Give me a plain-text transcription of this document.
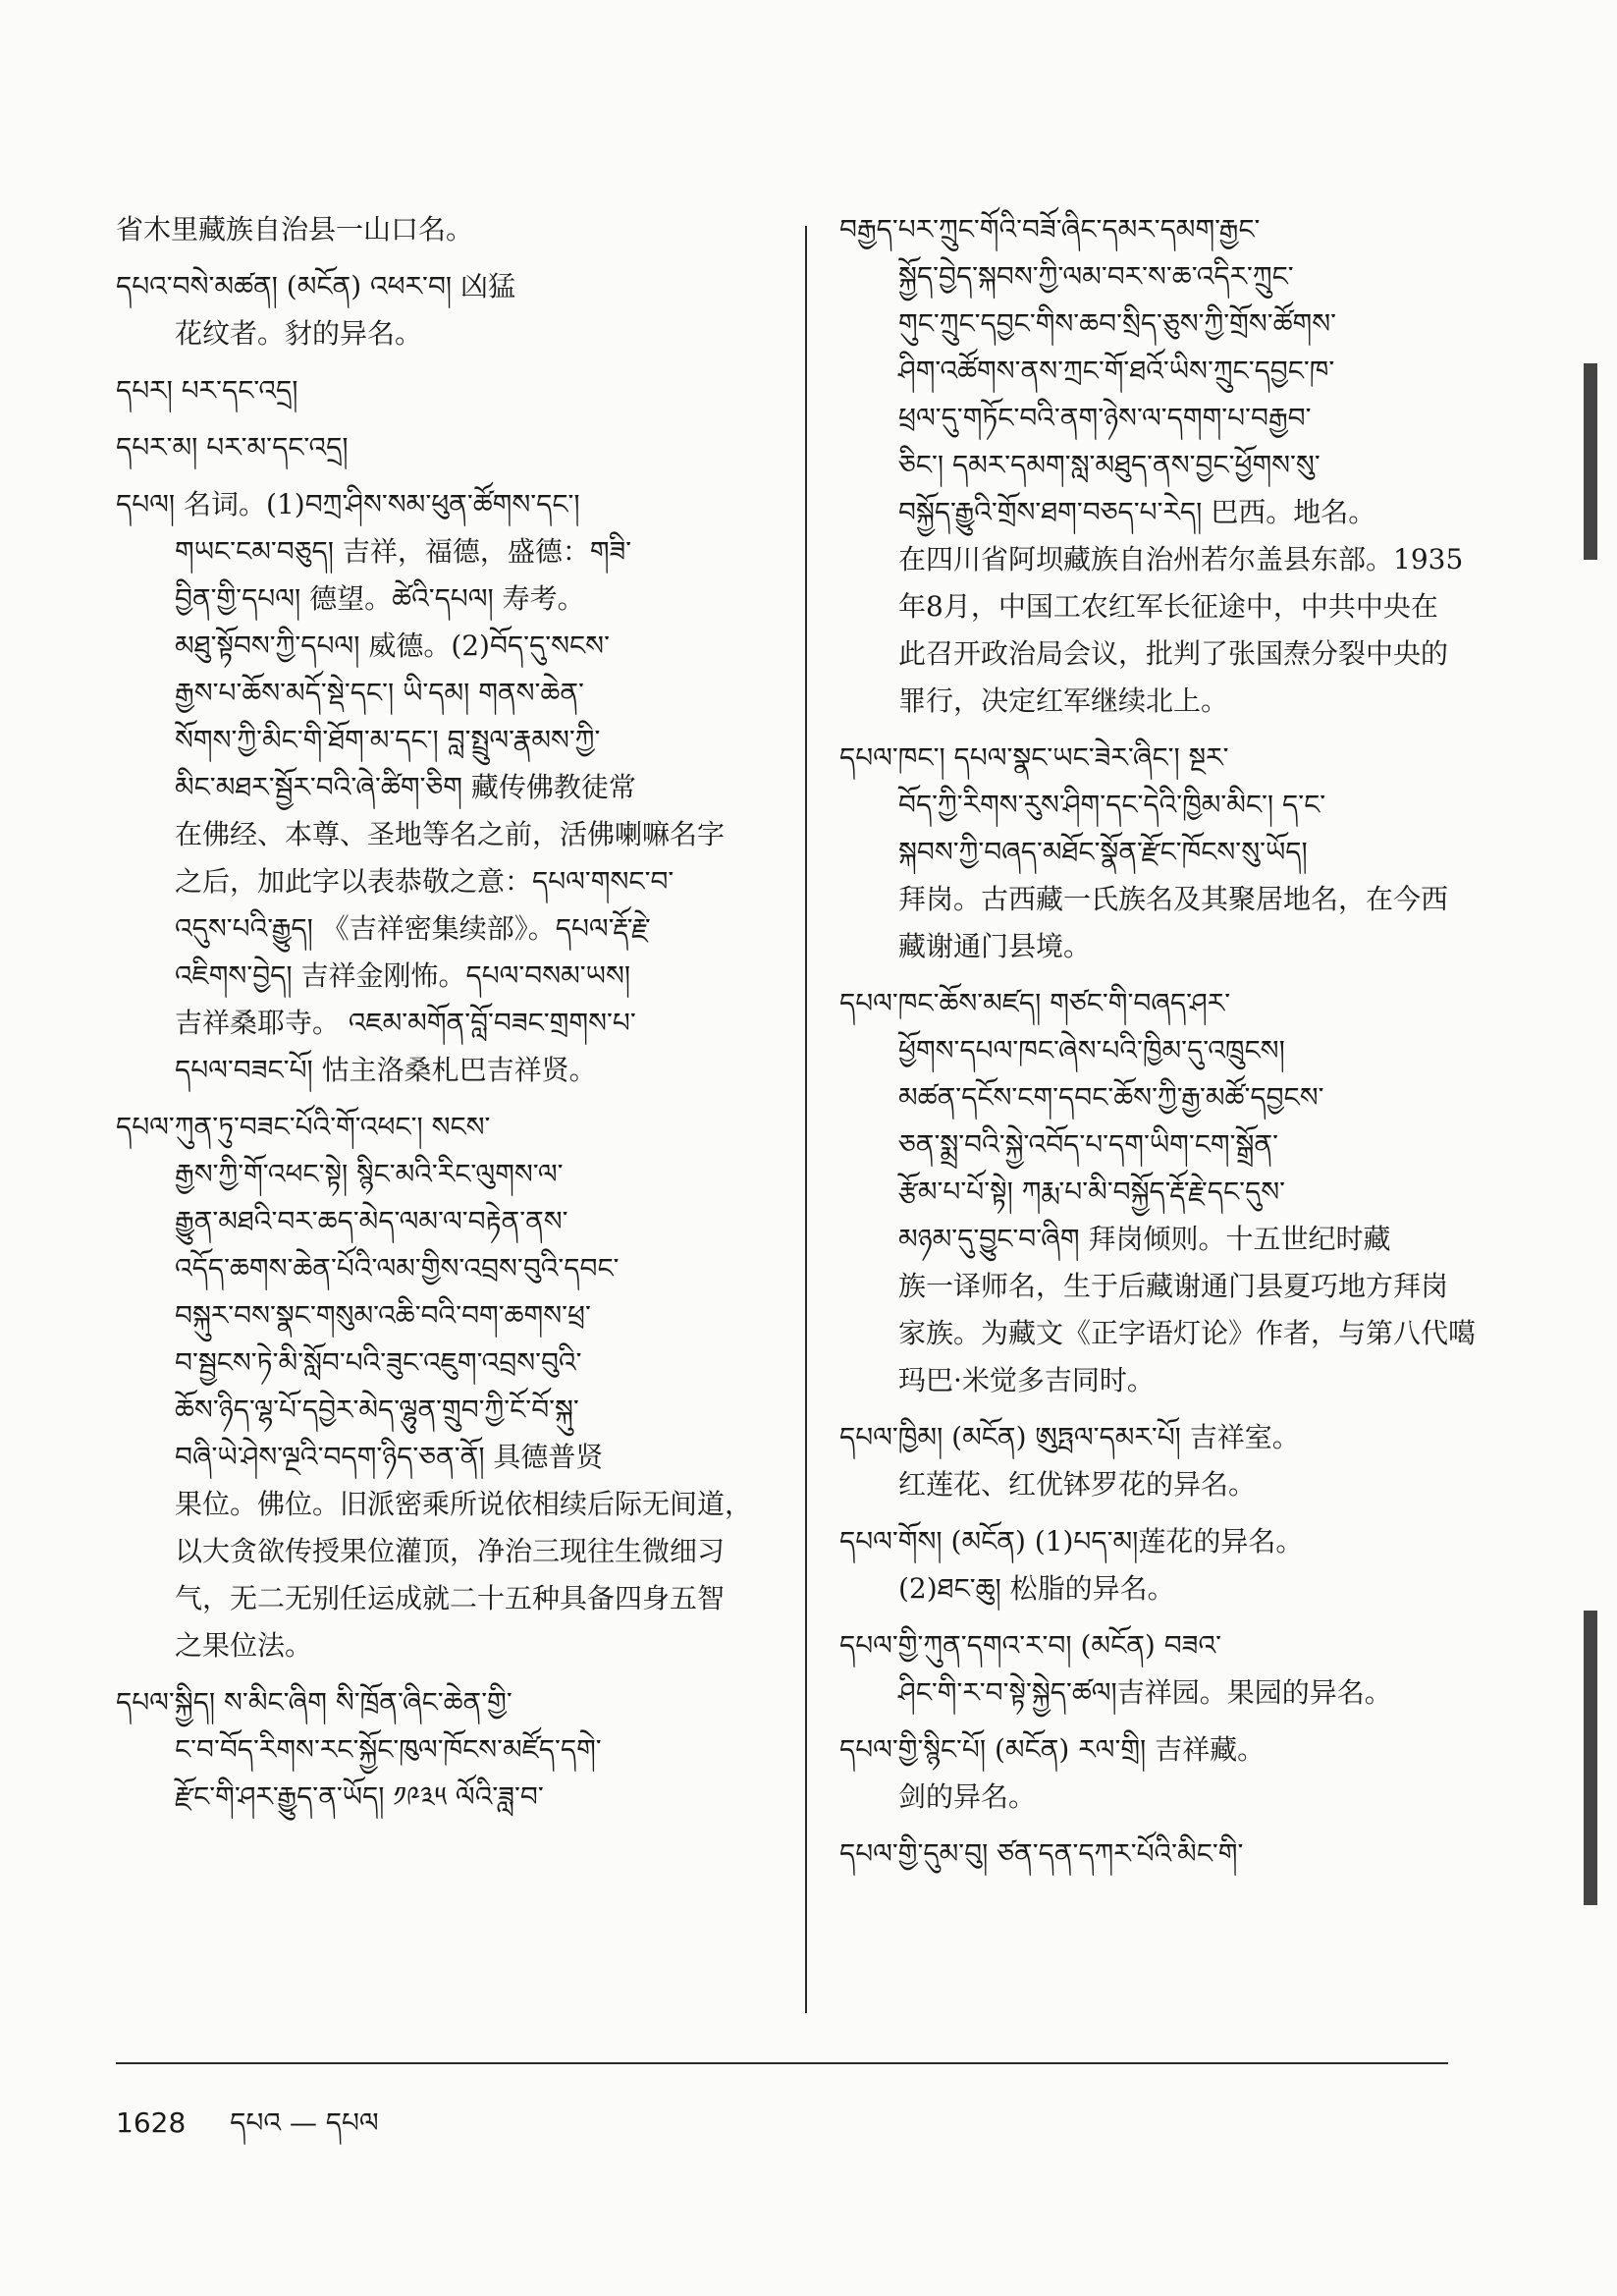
省木里藏族自治县一山口名。
དཔའ་བསེ་མཚན། (མངོན) འཕར་བ། 凶猛
花纹者。豺的异名。
དཔར། པར་དང་འདྲ།
དཔར་མ། པར་མ་དང་འདྲ།
དཔལ། 名词。(1)བཀྲ་ཤིས་སམ་ཕུན་ཚོགས་དང་།
གཡང་ངམ་བཅུད། 吉祥，福德，盛德：གཟི་
བྱིན་གྱི་དཔལ། 德望。ཚེའི་དཔལ། 寿考。
མཐུ་སྟོབས་ཀྱི་དཔལ། 威德。(2)བོད་དུ་སངས་
རྒྱས་པ་ཆོས་མདོ་སྡེ་དང་། ཡི་དམ། གནས་ཆེན་
སོགས་ཀྱི་མིང་གི་ཐོག་མ་དང་། བླ་སྤྲུལ་རྣམས་ཀྱི་
མིང་མཐར་སྦྱོར་བའི་ཞེ་ཚིག་ཅིག 藏传佛教徒常
在佛经、本尊、圣地等名之前，活佛喇嘛名字
之后，加此字以表恭敬之意：དཔལ་གསང་བ་
འདུས་པའི་རྒྱུད། 《吉祥密集续部》。དཔལ་རྡོ་རྗེ་
འཇིགས་བྱེད། 吉祥金刚怖。དཔལ་བསམ་ཡས།
吉祥桑耶寺。 འཇམ་མགོན་བློ་བཟང་གྲགས་པ་
དཔལ་བཟང་པོ། 怙主洛桑札巴吉祥贤。
དཔལ་ཀུན་ཏུ་བཟང་པོའི་གོ་འཕང་། སངས་
རྒྱས་ཀྱི་གོ་འཕང་སྟེ། སྙིང་མའི་རིང་ལུགས་ལ་
རྒྱུན་མཐའི་བར་ཆད་མེད་ལམ་ལ་བརྟེན་ནས་
འདོད་ཆགས་ཆེན་པོའི་ལམ་གྱིས་འབྲས་བུའི་དབང་
བསྐུར་བས་སྣང་གསུམ་འཆི་བའི་བག་ཆགས་ཕྲ་
བ་སྦྱངས་ཏེ་མི་སློབ་པའི་ཟུང་འཇུག་འབྲས་བུའི་
ཆོས་ཉིད་ལྷ་པོ་དབྱེར་མེད་ལྷུན་གྲུབ་ཀྱི་ངོ་བོ་སྐུ་
བཞི་ཡེ་ཤེས་ལྔའི་བདག་ཉིད་ཅན་ནོ། 具德普贤
果位。佛位。旧派密乘所说依相续后际无间道，
以大贪欲传授果位灌顶，净治三现往生微细习
气，无二无别任运成就二十五种具备四身五智
之果位法。
དཔལ་སྐྱིད། ས་མིང་ཞིག སི་ཁྲོན་ཞིང་ཆེན་གྱི་
ང་བ་བོད་རིགས་རང་སྐྱོང་ཁུལ་ཁོངས་མཛོད་དགེ་
རྫོང་གི་ཤར་རྒྱུད་ན་ཡོད། ༡༩༣༥ ལོའི་ཟླ་བ་
བརྒྱད་པར་ཀྲུང་གོའི་བཟོ་ཞིང་དམར་དམག་རྒྱང་
སྐྱོད་བྱེད་སྐབས་ཀྱི་ལམ་བར་ས་ཆ་འདིར་ཀྲུང་
གུང་ཀྲུང་དབྱང་གིས་ཆབ་སྲིད་ཅུས་ཀྱི་གྲོས་ཚོགས་
ཤིག་འཚོགས་ནས་ཀྲང་གོ་ཐའོ་ཡིས་ཀྲུང་དབྱང་ཁ་
ཕྲལ་དུ་གཏོང་བའི་ནག་ཉེས་ལ་དགག་པ་བརྒྱབ་
ཅིང་། དམར་དམག་སླ་མཐུད་ནས་བྱང་ཕྱོགས་སུ་
བསྐྱོད་རྒྱུའི་གྲོས་ཐག་བཅད་པ་རེད། 巴西。地名。
在四川省阿坝藏族自治州若尔盖县东部。1935
年8月，中国工农红军长征途中，中共中央在
此召开政治局会议，批判了张国焘分裂中央的
罪行，决定红军继续北上。
དཔལ་ཁང་། དཔལ་སྣང་ཡང་ཟེར་ཞིང་། སྔར་
བོད་ཀྱི་རིགས་རུས་ཤིག་དང་དེའི་ཁྱིམ་མིང་། ད་ང་
སྐབས་ཀྱི་བཞད་མཐོང་སྣོན་རྫོང་ཁོངས་སུ་ཡོད།
拜岗。古西藏一氏族名及其聚居地名，在今西
藏谢通门县境。
དཔལ་ཁང་ཆོས་མཛད། གཙང་གི་བཞད་ཤར་
ཕྱོགས་དཔལ་ཁང་ཞེས་པའི་ཁྱིམ་དུ་འཁྲུངས།
མཚན་དངོས་ངག་དབང་ཆོས་ཀྱི་རྒྱ་མཚོ་དབྱངས་
ཅན་སྨྲ་བའི་སྐྱེ་འབོད་པ་དག་ཡིག་ངག་སྒྲོན་
རྩོམ་པ་པོ་སྟེ། ཀརྨ་པ་མི་བསྐྱོད་རྡོ་རྗེ་དང་དུས་
མཉམ་དུ་བྱུང་བ་ཞིག 拜岗倾则。十五世纪时藏
族一译师名，生于后藏谢通门县夏巧地方拜岗
家族。为藏文《正字语灯论》作者，与第八代噶
玛巴·米觉多吉同时。
དཔལ་ཁྱིམ། (མངོན) ཨུཏྤལ་དམར་པོ། 吉祥室。
红莲花、红优钵罗花的异名。
དཔལ་གོས། (མངོན) (1)པད་མ།莲花的异名。
(2)ཐང་ཆུ། 松脂的异名。
དཔལ་གྱི་ཀུན་དགའ་ར་བ། (མངོན) བཟའ་
ཤིང་གི་ར་བ་སྟེ་སྐྱེད་ཚལ།吉祥园。果园的异名。
དཔལ་གྱི་སྙིང་པོ། (མངོན) རལ་གྲི། 吉祥藏。
剑的异名。
དཔལ་གྱི་དུམ་བུ། ཙན་དན་དཀར་པོའི་མིང་གི་
1628 དཔའ — དཔལ
